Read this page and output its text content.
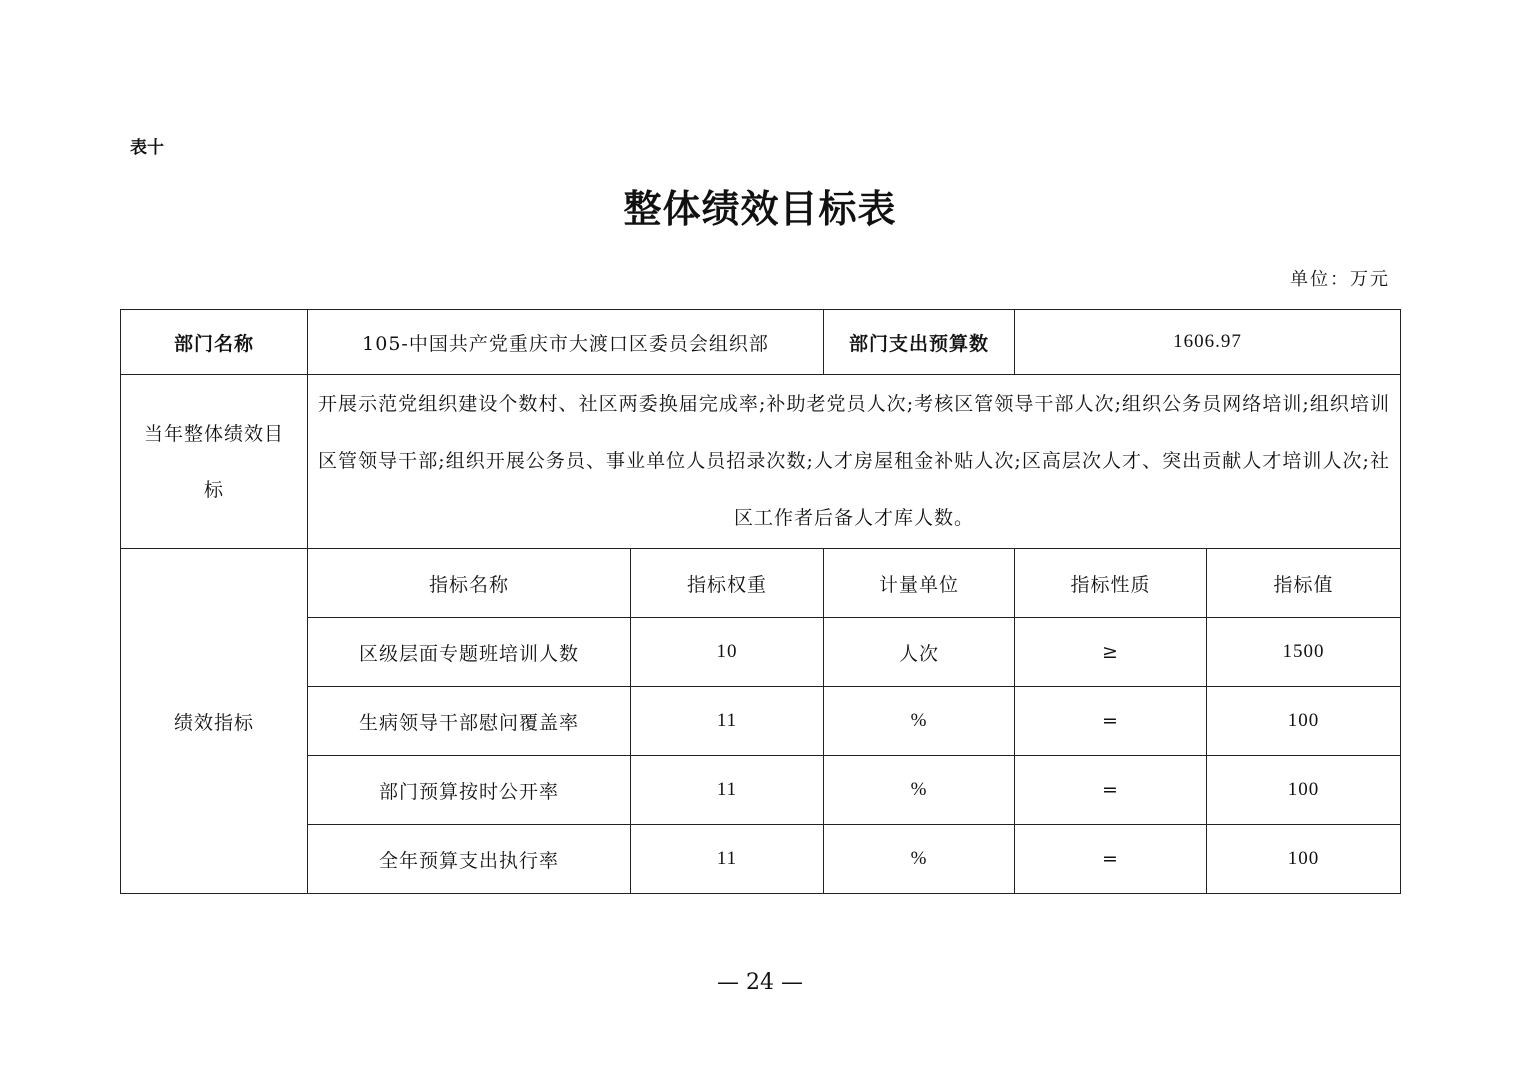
表十
整体绩效目标表
单位：万元
部门名称	105-中国共产党重庆市大渡口区委员会组织部		部门支出预算数	1606.97	
当年整体绩效目标	开展示范党组织建设个数村、社区两委换届完成率;补助老党员人次;考核区管领导干部人次;组织公务员网络培训;组织培训区管领导干部;组织开展公务员、事业单位人员招录次数;人才房屋租金补贴人次;区高层次人才、突出贡献人才培训人次;社区工作者后备人才库人数。				
绩效指标	指标名称	指标权重	计量单位	指标性质	指标值
	区级层面专题班培训人数	10	人次	≥	1500
	生病领导干部慰问覆盖率	11	%	=	100
	部门预算按时公开率	11	%	=	100
	全年预算支出执行率	11	%	=	100
— 24 —
